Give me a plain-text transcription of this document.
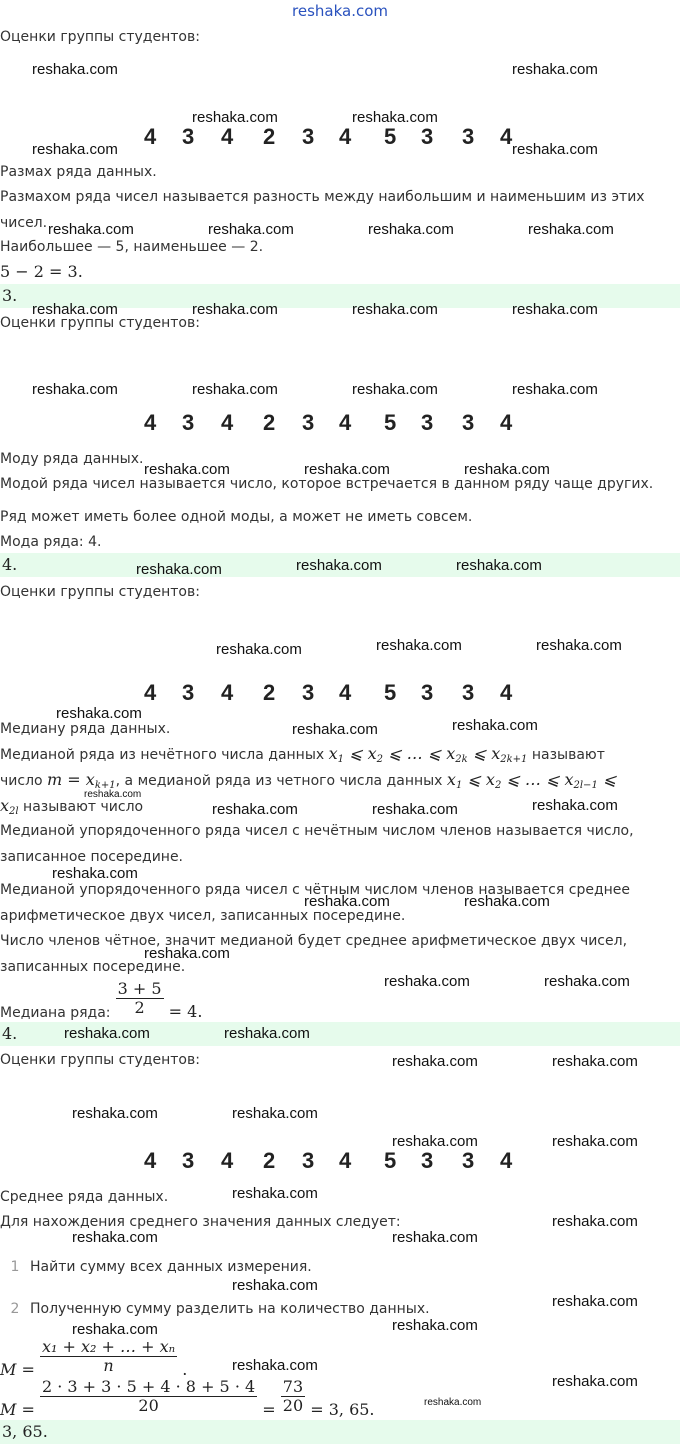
reshaka.com
Оценки группы студентов:
4 3 4 2 3 4 5 3 3 4
Размах ряда данных.
Размахом ряда чисел называется разность между наибольшим и наименьшим из этих
чисел.
Наибольшее — 5, наименьшее — 2.
5 − 2 = 3.
3.
Оценки группы студентов:
4 3 4 2 3 4 5 3 3 4
Моду ряда данных.
Модой ряда чисел называется число, которое встречается в данном ряду чаще других.
Ряд может иметь более одной моды, а может не иметь совсем.
Мода ряда: 4.
4.
Оценки группы студентов:
4 3 4 2 3 4 5 3 3 4
Медиану ряда данных.
Медианой ряда из нечётного числа данных $x_1$ ⩽ $x_2$ ⩽ … ⩽ $x_{2k}$ ⩽ $x_{2k+1}$ называют
число $m = x_{k+1}$, а медианой ряда из четного числа данных $x_1$ ⩽ $x_2$ ⩽ … ⩽ $x_{2l-1}$ ⩽
$x_{2l}$ называют число
Медианой упорядоченного ряда чисел с нечётным числом членов называется число,
записанное посередине.
Медианой упорядоченного ряда чисел с чётным числом членов называется среднее
арифметическое двух чисел, записанных посередине.
Число членов чётное, значит медианой будет среднее арифметическое двух чисел,
записанных посередине.
Медиана ряда: $\frac{3 + 5}{2} = 4$.
4.
Оценки группы студентов:
4 3 4 2 3 4 5 3 3 4
Среднее ряда данных.
Для нахождения среднего значения данных следует:
1 Найти сумму всех данных измерения.
2 Полученную сумму разделить на количество данных.
$M = \frac{\text{x₁ + x₂ + … + xₙ}}{n}$ .
$M = \frac{2 \cdot 3 + 3 \cdot 5 + 4 \cdot 8 + 5 \cdot 4}{20} = \frac{73}{20} = 3$, 65.
3, 65.
reshaka.com	reshaka.com
reshaka.com	reshaka.com
reshaka.com	reshaka.com
reshaka.com	reshaka.com	reshaka.com	reshaka.com
reshaka.com	reshaka.com	reshaka.com	reshaka.com
reshaka.com	reshaka.com	reshaka.com	reshaka.com
reshaka.com	reshaka.com	reshaka.com
reshaka.com	reshaka.com	reshaka.com
reshaka.com	reshaka.com	reshaka.com
reshaka.com
reshaka.com	reshaka.com
reshaka.com
reshaka.com	reshaka.com	reshaka.com
reshaka.com
reshaka.com	reshaka.com
reshaka.com
reshaka.com	reshaka.com
reshaka.com	reshaka.com
reshaka.com	reshaka.com
reshaka.com	reshaka.com
reshaka.com	reshaka.com
reshaka.com
reshaka.com
reshaka.com	reshaka.com
reshaka.com
reshaka.com
reshaka.com	reshaka.com
reshaka.com
reshaka.com
reshaka.com
